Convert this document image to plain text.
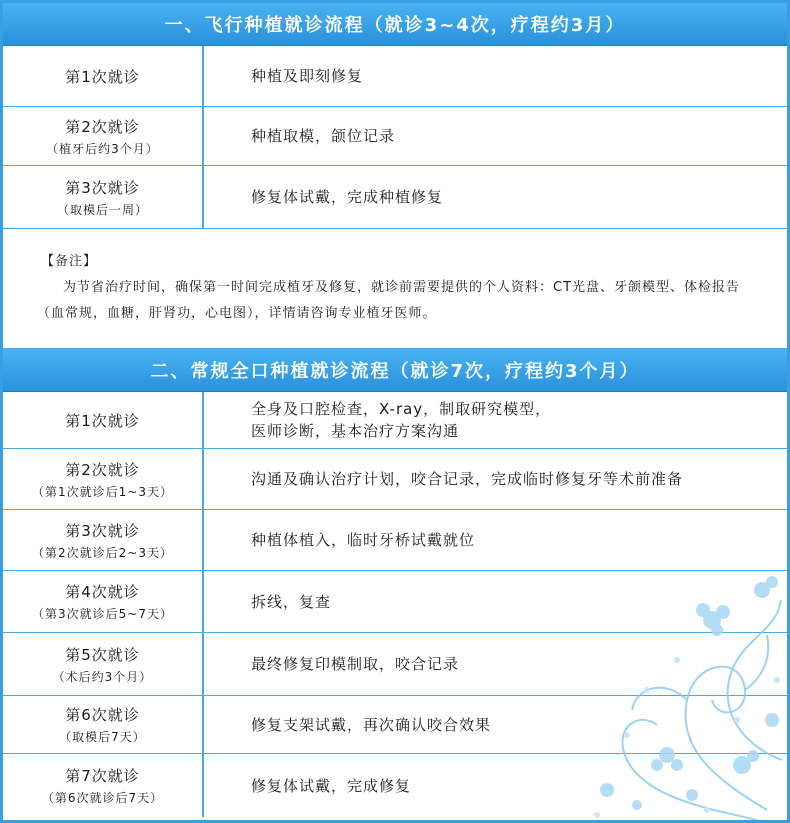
一、飞行种植就诊流程（就诊3~4次，疗程约3月）
第1次就诊	种植及即刻修复
第2次就诊
（植牙后约3个月）
种植取模，颌位记录
第3次就诊
（取模后一周）
修复体试戴，完成种植修复
【备注】
为节省治疗时间，确保第一时间完成植牙及修复，就诊前需要提供的个人资料：CT光盘、牙颌模型、体检报告（血常规，血糖，肝肾功，心电图），详情请咨询专业植牙医师。
二、常规全口种植就诊流程（就诊7次，疗程约3个月）
第1次就诊
全身及口腔检查，X-ray，制取研究模型，
医师诊断，基本治疗方案沟通
第2次就诊
（第1次就诊后1~3天）
沟通及确认治疗计划，咬合记录，完成临时修复牙等术前准备
第3次就诊
（第2次就诊后2~3天）
种植体植入，临时牙桥试戴就位
第4次就诊
（第3次就诊后5~7天）
拆线，复查
第5次就诊
（术后约3个月）
最终修复印模制取，咬合记录
第6次就诊
（取模后7天）
修复支架试戴，再次确认咬合效果
第7次就诊
（第6次就诊后7天）
修复体试戴，完成修复
